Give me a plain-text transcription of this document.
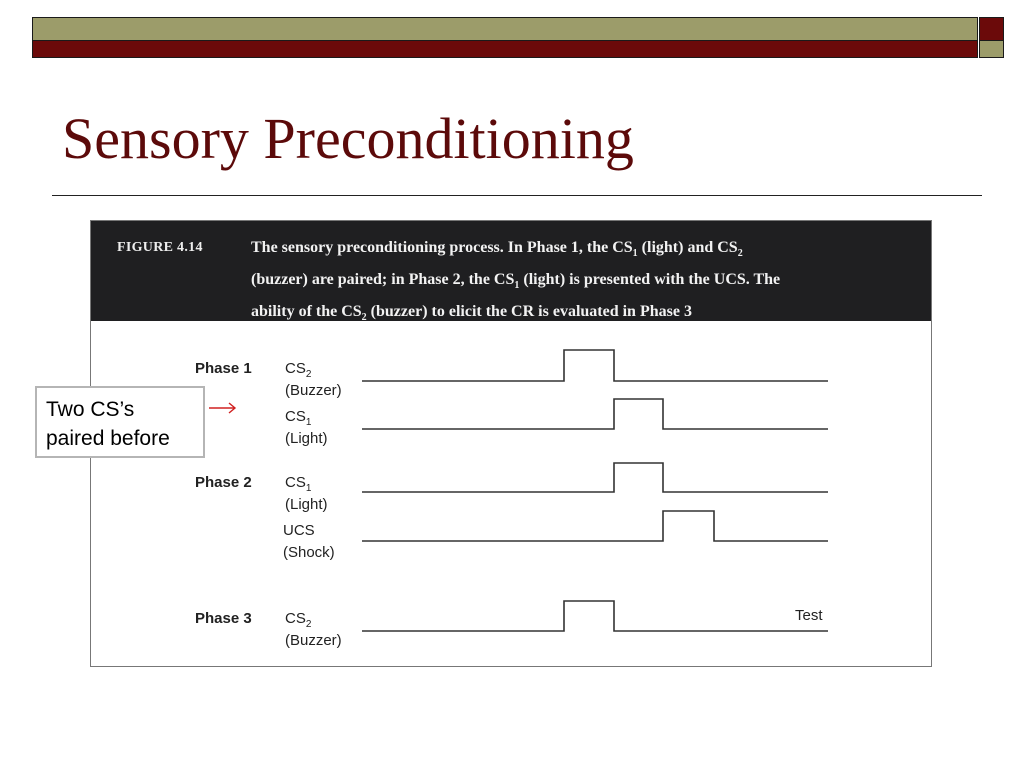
Sensory Preconditioning
FIGURE 4.14	The sensory preconditioning process. In Phase 1, the $CS_1$ (light) and $CS_2$
(buzzer) are paired; in Phase 2, the $CS_1$ (light) is presented with the UCS. The
ability of the $CS_2$ (buzzer) to elicit the CR is evaluated in Phase 3
Phase 1
Phase 2
Phase 3
$CS_2$
(Buzzer)
$CS_1$
(Light)
$CS_1$
(Light)
UCS
(Shock)
$CS_2$
(Buzzer)
Test
Two CS’s
paired before
